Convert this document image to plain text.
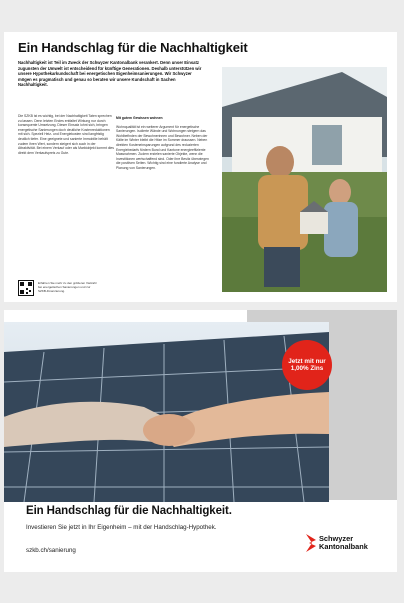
Ein Handschlag für die Nachhaltigkeit
Nachhaltigkeit ist Teil im Zweck der Schwyzer Kantonalbank verankert. Denn unser Einsatz zugunsten der Umwelt ist entscheidend für künftige Generationen. Deshalb unterstützen wir unsere Hypothekarkundschaft bei energetischen Eigenheimsanierungen. Wir Schwyzer mögen es pragmatisch und genau so beraten wir unsere Kundschaft in Sachen Nachhaltigkeit.

Die SZKB ist es wichtig, bei der Nachhaltigkeit Taten sprechen zu lassen. Denn letzten Endes entfaltet Wirkung nur durch konsequente Umsetzung. Dieser Einsatz lohnt sich, bringen energetische Sanierungen doch deutliche Kostenreduktionen mit sich. Speziell Heiz- und Energiekosten sind langfristig deutlich tiefer. Eine geeignete und sanierte Immobilie behält zudem ihren Wert, sondern steigert sich auch in der Attraktivität. Bei einem Verkauf oder als Marktobjekt kommt dies direkt dem Verkaufspreis zu Gute.

Mit gutem Gewissen wohnen

Wohnqualität ist ein weiterer Argument für energetische Sanierungen. Isolierte Wände und Wohnungen steigern das Wohlbefinden der Bewohnerinnen und Bewohner. Neben der Kälte im Winter bleibt die Hitze im Sommer draussen. Neben direkten Kosteneinsparungen aufgrund des reduzierten Energiebedarfs fördern Bund und Kantone energieeffiziente Massnahmen. Zudem erzielen sanierte Objekte, wenn die Investitionen wertschaffend sind. Oder ihre Besitz überwiegen die positiven Seiten. Wichtig sind eine fundierte Analyse und Planung von Sanierungen.

Erfahren Sie mehr zu den größeren Vielzahl bei energetischen Sanierungen und zur SZKB-Finanzierung.
Jetzt mit nur 1,00% Zins
Ein Handschlag für die Nachhaltigkeit.
Investieren Sie jetzt in Ihr Eigenheim – mit der Handschlag-Hypothek.
szkb.ch/sanierung
Schwyzer
Kantonalbank
